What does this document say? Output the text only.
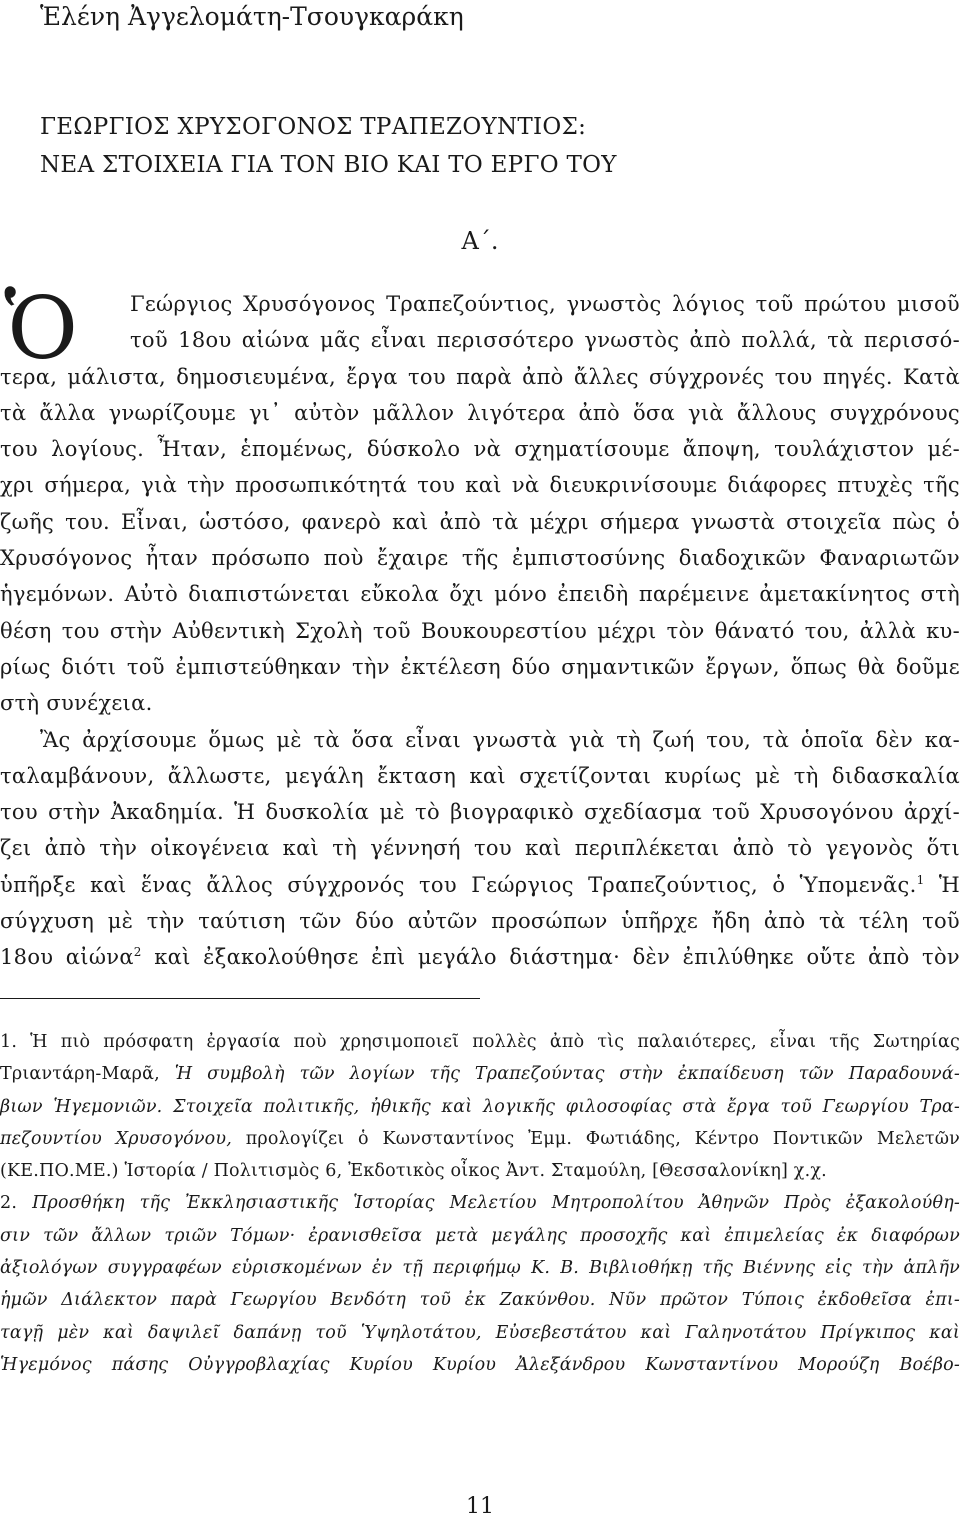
Ἑλένη Ἀγγελομάτη-Τσουγκαράκη
ΓΕΩΡΓΙΟΣ ΧΡΥΣΟΓΟΝΟΣ ΤΡΑΠΕΖΟΥΝΤΙΟΣ:
ΝΕΑ ΣΤΟΙΧΕΙΑ ΓΙΑ ΤΟΝ ΒΙΟ ΚΑΙ ΤΟ ΕΡΓΟ ΤΟΥ
Α΄.
Ὁ	Γεώργιος Χρυσόγονος Τραπεζούντιος, γνωστὸς λόγιος τοῦ πρώτου μισοῦ
τοῦ 18ου αἰώνα μᾶς εἶναι περισσότερο γνωστὸς ἀπὸ πολλά, τὰ περισσό-
τερα, μάλιστα, δημοσιευμένα, ἔργα του παρὰ ἀπὸ ἄλλες σύγχρονές του πηγές. Κατὰ
τὰ ἄλλα γνωρίζουμε γι᾽ αὐτὸν μᾶλλον λιγότερα ἀπὸ ὅσα γιὰ ἄλλους συγχρόνους
του λογίους. Ἦταν, ἑπομένως, δύσκολο νὰ σχηματίσουμε ἄποψη, τουλάχιστον μέ-
χρι σήμερα, γιὰ τὴν προσωπικότητά του καὶ νὰ διευκρινίσουμε διάφορες πτυχὲς τῆς
ζωῆς του. Εἶναι, ὡστόσο, φανερὸ καὶ ἀπὸ τὰ μέχρι σήμερα γνωστὰ στοιχεῖα πὼς ὁ
Χρυσόγονος ἦταν πρόσωπο ποὺ ἔχαιρε τῆς ἐμπιστοσύνης διαδοχικῶν Φαναριωτῶν
ἡγεμόνων. Αὐτὸ διαπιστώνεται εὔκολα ὄχι μόνο ἐπειδὴ παρέμεινε ἀμετακίνητος στὴ
θέση του στὴν Αὐθεντικὴ Σχολὴ τοῦ Βουκουρεστίου μέχρι τὸν θάνατό του, ἀλλὰ κυ-
ρίως διότι τοῦ ἐμπιστεύθηκαν τὴν ἐκτέλεση δύο σημαντικῶν ἔργων, ὅπως θὰ δοῦμε
στὴ συνέχεια.
Ἂς ἀρχίσουμε ὅμως μὲ τὰ ὅσα εἶναι γνωστὰ γιὰ τὴ ζωή του, τὰ ὁποῖα δὲν κα-
ταλαμβάνουν, ἄλλωστε, μεγάλη ἔκταση καὶ σχετίζονται κυρίως μὲ τὴ διδασκαλία
του στὴν Ἀκαδημία. Ἡ δυσκολία μὲ τὸ βιογραφικὸ σχεδίασμα τοῦ Χρυσογόνου ἀρχί-
ζει ἀπὸ τὴν οἰκογένεια καὶ τὴ γέννησή του καὶ περιπλέκεται ἀπὸ τὸ γεγονὸς ὅτι
ὑπῆρξε καὶ ἕνας ἄλλος σύγχρονός του Γεώργιος Τραπεζούντιος, ὁ Ὑπομενᾶς.$^1$ Ἡ
σύγχυση μὲ τὴν ταύτιση τῶν δύο αὐτῶν προσώπων ὑπῆρχε ἤδη ἀπὸ τὰ τέλη τοῦ
18ου αἰώνα$^2$ καὶ ἐξακολούθησε ἐπὶ μεγάλο διάστημα· δὲν ἐπιλύθηκε οὔτε ἀπὸ τὸν
1. Ἡ πιὸ πρόσφατη ἐργασία ποὺ χρησιμοποιεῖ πολλὲς ἀπὸ τὶς παλαιότερες, εἶναι τῆς Σωτηρίας
Τριαντάρη-Μαρᾶ, Ἡ συμβολὴ τῶν λογίων τῆς Τραπεζούντας στὴν ἐκπαίδευση τῶν Παραδουνά-
βιων Ἡγεμονιῶν. Στοιχεῖα πολιτικῆς, ἠθικῆς καὶ λογικῆς φιλοσοφίας στὰ ἔργα τοῦ Γεωργίου Τρα-
πεζουντίου Χρυσογόνου, προλογίζει ὁ Κωνσταντίνος Ἐμμ. Φωτιάδης, Κέντρο Ποντικῶν Μελετῶν
(ΚΕ.ΠΟ.ΜΕ.) Ἱστορία / Πολιτισμὸς 6, Ἐκδοτικὸς οἶκος Ἀντ. Σταμούλη, [Θεσσαλονίκη] χ.χ.
2. Προσθήκη τῆς Ἐκκλησιαστικῆς Ἱστορίας Μελετίου Μητροπολίτου Ἀθηνῶν Πρὸς ἐξακολούθη-
σιν τῶν ἄλλων τριῶν Τόμων· ἐρανισθεῖσα μετὰ μεγάλης προσοχῆς καὶ ἐπιμελείας ἐκ διαφόρων
ἀξιολόγων συγγραφέων εὑρισκομένων ἐν τῇ περιφήμῳ Κ. Β. Βιβλιοθήκῃ τῆς Βιέννης εἰς τὴν ἁπλῆν
ἡμῶν Διάλεκτον παρὰ Γεωργίου Βενδότη τοῦ ἐκ Ζακύνθου. Νῦν πρῶτον Τύποις ἐκδοθεῖσα ἐπι-
ταγῇ μὲν καὶ δαψιλεῖ δαπάνῃ τοῦ Ὑψηλοτάτου, Εὐσεβεστάτου καὶ Γαληνοτάτου Πρίγκιπος καὶ
Ἡγεμόνος πάσης Οὐγγροβλαχίας Κυρίου Κυρίου Ἀλεξάνδρου Κωνσταντίνου Μορούζη Βοέβο-
11
